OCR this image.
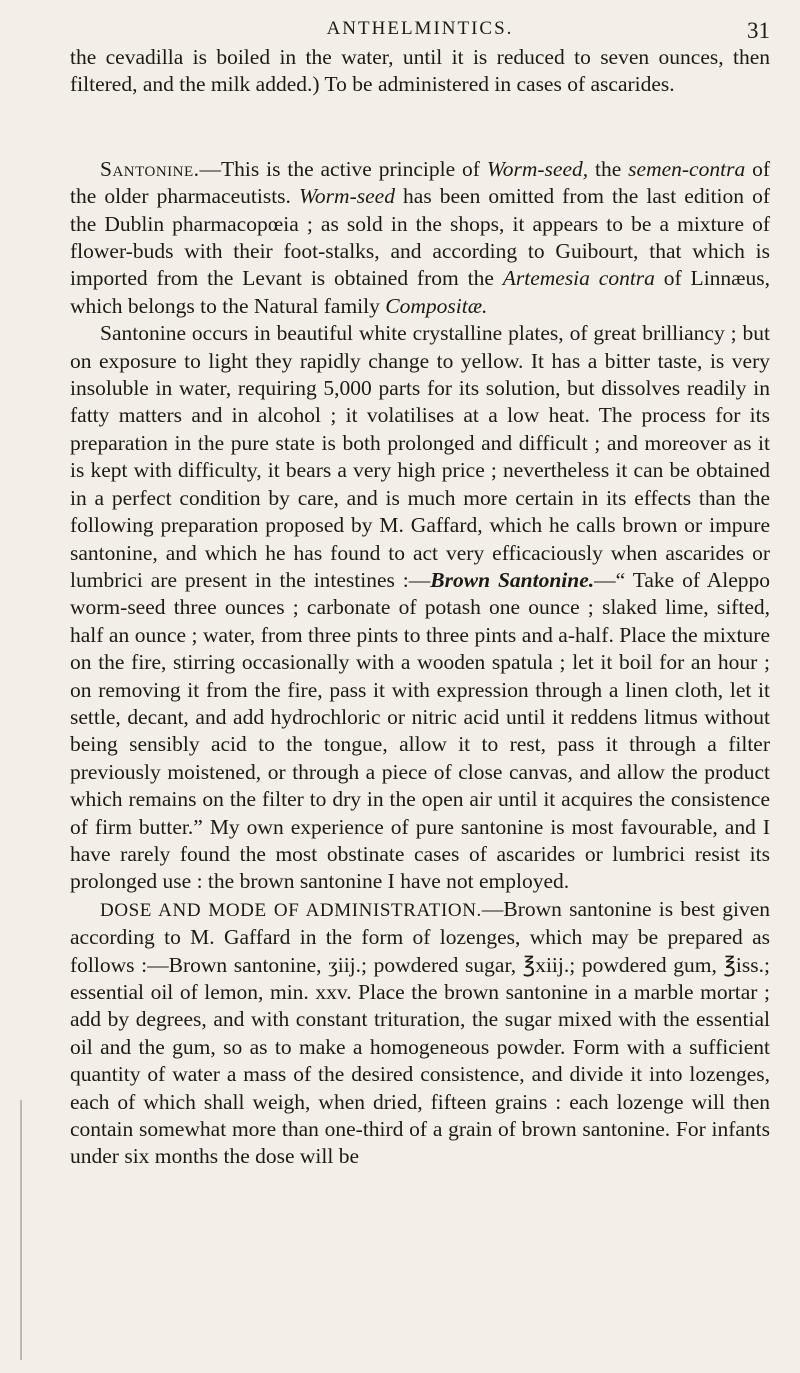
ANTHELMINTICS.	31

the cevadilla is boiled in the water, until it is reduced to seven ounces, then filtered, and the milk added.) To be administered in cases of ascarides.

Santonine.—This is the active principle of Worm-seed, the semen-contra of the older pharmaceutists. Worm-seed has been omitted from the last edition of the Dublin pharmacopœia ; as sold in the shops, it appears to be a mixture of flower-buds with their foot-stalks, and according to Guibourt, that which is imported from the Levant is obtained from the Artemesia contra of Linnæus, which belongs to the Natural family Compositæ.

Santonine occurs in beautiful white crystalline plates, of great brilliancy ; but on exposure to light they rapidly change to yellow. It has a bitter taste, is very insoluble in water, requiring 5,000 parts for its solution, but dissolves readily in fatty matters and in alcohol ; it volatilises at a low heat. The process for its preparation in the pure state is both prolonged and difficult ; and moreover as it is kept with difficulty, it bears a very high price ; nevertheless it can be obtained in a perfect condition by care, and is much more certain in its effects than the following preparation proposed by M. Gaffard, which he calls brown or impure santonine, and which he has found to act very efficaciously when ascarides or lumbrici are present in the intestines :—Brown Santonine.—“ Take of Aleppo worm-seed three ounces ; carbonate of potash one ounce ; slaked lime, sifted, half an ounce ; water, from three pints to three pints and a-half. Place the mixture on the fire, stirring occasionally with a wooden spatula ; let it boil for an hour ; on removing it from the fire, pass it with expression through a linen cloth, let it settle, decant, and add hydrochloric or nitric acid until it reddens litmus without being sensibly acid to the tongue, allow it to rest, pass it through a filter previously moistened, or through a piece of close canvas, and allow the product which remains on the filter to dry in the open air until it acquires the consistence of firm butter.” My own experience of pure santonine is most favourable, and I have rarely found the most obstinate cases of ascarides or lumbrici resist its prolonged use : the brown santonine I have not employed.

DOSE AND MODE OF ADMINISTRATION.—Brown santonine is best given according to M. Gaffard in the form of lozenges, which may be prepared as follows :—Brown santonine, ʒiij.; powdered sugar, ℥xiij.; powdered gum, ℥iss.; essential oil of lemon, min. xxv. Place the brown santonine in a marble mortar ; add by degrees, and with constant trituration, the sugar mixed with the essential oil and the gum, so as to make a homogeneous powder. Form with a sufficient quantity of water a mass of the desired consistence, and divide it into lozenges, each of which shall weigh, when dried, fifteen grains : each lozenge will then contain somewhat more than one-third of a grain of brown santonine. For infants under six months the dose will be
